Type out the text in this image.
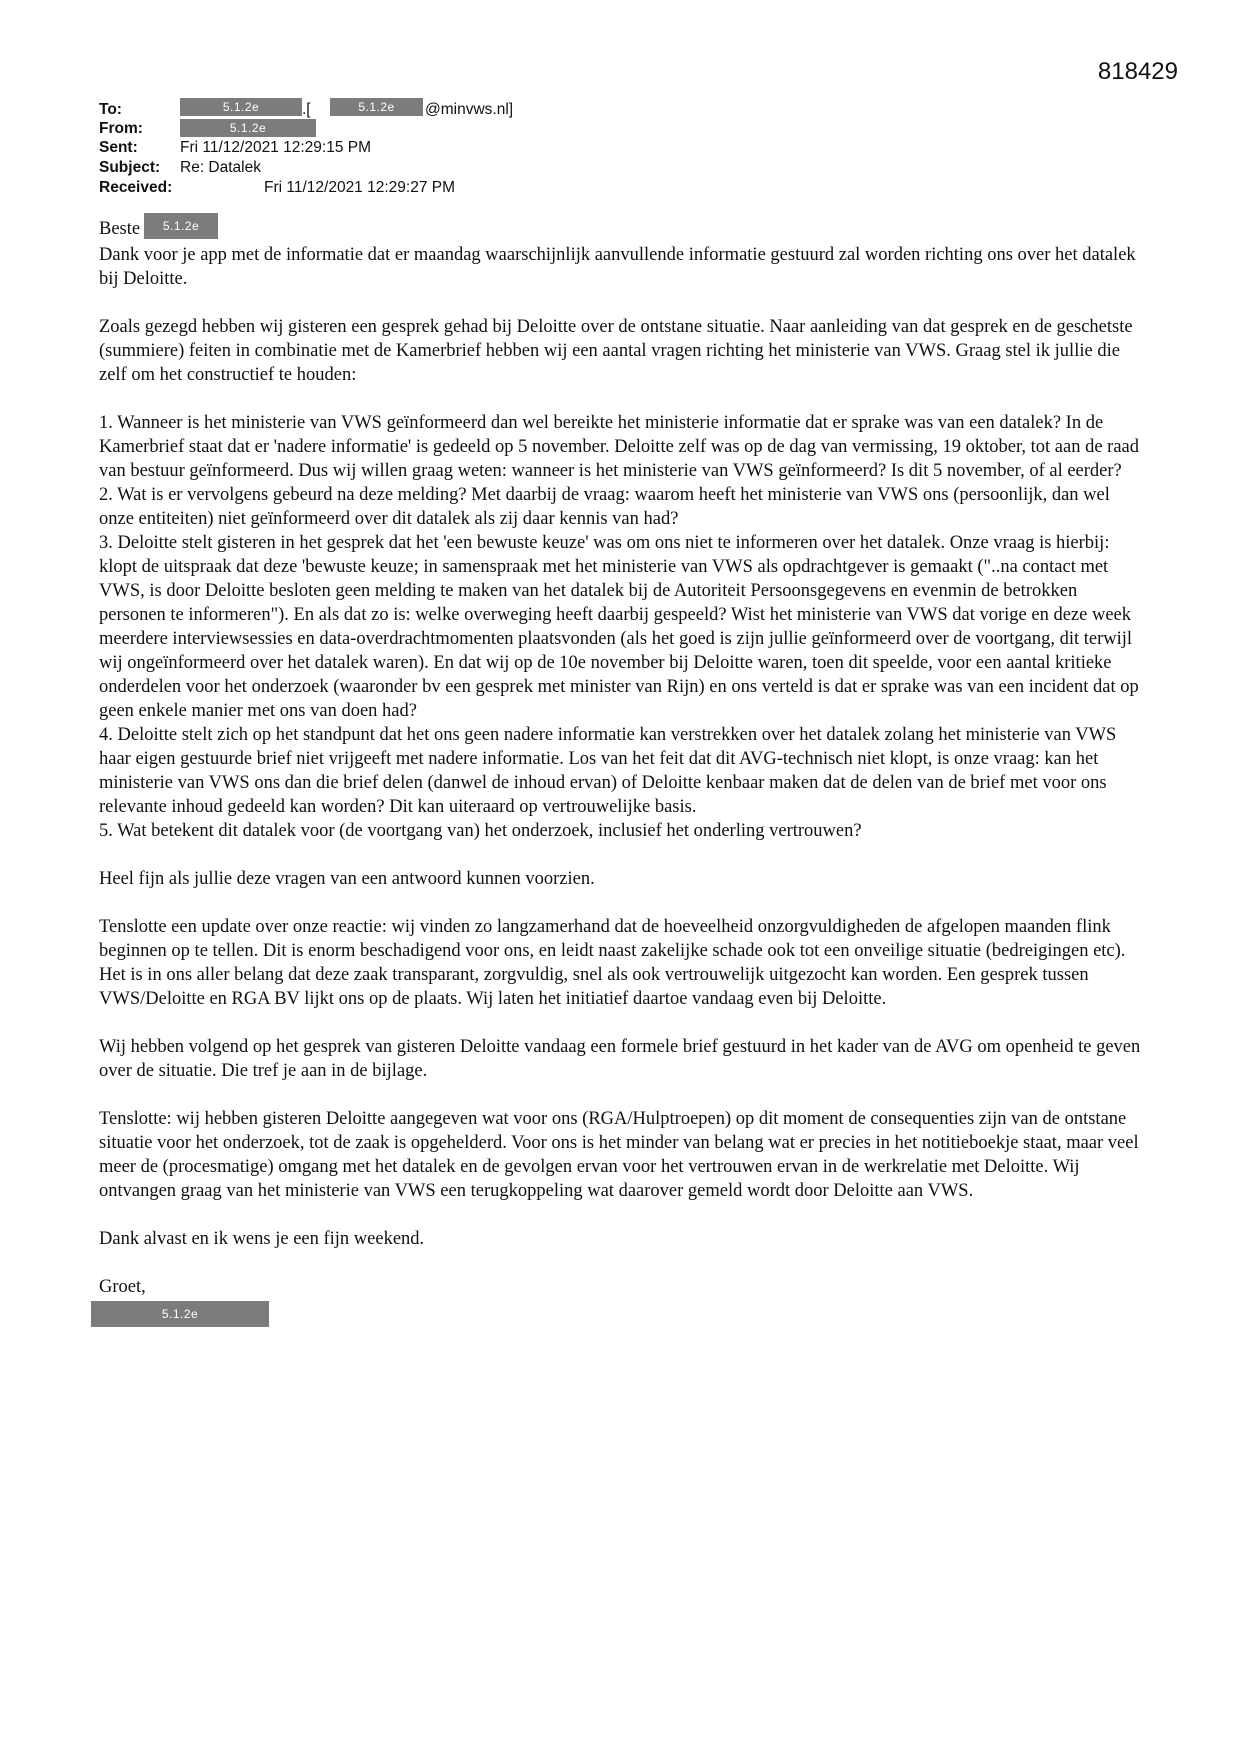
818429
To:	5.1.2e	.[	5.1.2e	@minvws.nl]
From:	5.1.2e
Sent:	Fri 11/12/2021 12:29:15 PM
Subject: Re: Datalek
Received:	Fri 11/12/2021 12:29:27 PM
Beste	5.1.2e

Dank voor je app met de informatie dat er maandag waarschijnlijk aanvullende informatie gestuurd zal worden richting ons over het datalek bij Deloitte.

Zoals gezegd hebben wij gisteren een gesprek gehad bij Deloitte over de ontstane situatie. Naar aanleiding van dat gesprek en de geschetste (summiere) feiten in combinatie met de Kamerbrief hebben wij een aantal vragen richting het ministerie van VWS. Graag stel ik jullie die zelf om het constructief te houden:

1. Wanneer is het ministerie van VWS geïnformeerd dan wel bereikte het ministerie informatie dat er sprake was van een datalek? In de Kamerbrief staat dat er 'nadere informatie' is gedeeld op 5 november. Deloitte zelf was op de dag van vermissing, 19 oktober, tot aan de raad van bestuur geïnformeerd. Dus wij willen graag weten: wanneer is het ministerie van VWS geïnformeerd? Is dit 5 november, of al eerder?

2. Wat is er vervolgens gebeurd na deze melding? Met daarbij de vraag: waarom heeft het ministerie van VWS ons (persoonlijk, dan wel onze entiteiten) niet geïnformeerd over dit datalek als zij daar kennis van had?

3. Deloitte stelt gisteren in het gesprek dat het 'een bewuste keuze' was om ons niet te informeren over het datalek. Onze vraag is hierbij: klopt de uitspraak dat deze 'bewuste keuze; in samenspraak met het ministerie van VWS als opdrachtgever is gemaakt ("..na contact met VWS, is door Deloitte besloten geen melding te maken van het datalek bij de Autoriteit Persoonsgegevens en evenmin de betrokken personen te informeren"). En als dat zo is: welke overweging heeft daarbij gespeeld? Wist het ministerie van VWS dat vorige en deze week meerdere interviewsessies en data-overdrachtmomenten plaatsvonden (als het goed is zijn jullie geïnformeerd over de voortgang, dit terwijl wij ongeïnformeerd over het datalek waren). En dat wij op de 10e november bij Deloitte waren, toen dit speelde, voor een aantal kritieke onderdelen voor het onderzoek (waaronder bv een gesprek met minister van Rijn) en ons verteld is dat er sprake was van een incident dat op geen enkele manier met ons van doen had?

4. Deloitte stelt zich op het standpunt dat het ons geen nadere informatie kan verstrekken over het datalek zolang het ministerie van VWS haar eigen gestuurde brief niet vrijgeeft met nadere informatie. Los van het feit dat dit AVG-technisch niet klopt, is onze vraag: kan het ministerie van VWS ons dan die brief delen (danwel de inhoud ervan) of Deloitte kenbaar maken dat de delen van de brief met voor ons relevante inhoud gedeeld kan worden? Dit kan uiteraard op vertrouwelijke basis.

5. Wat betekent dit datalek voor (de voortgang van) het onderzoek, inclusief het onderling vertrouwen?

Heel fijn als jullie deze vragen van een antwoord kunnen voorzien.

Tenslotte een update over onze reactie: wij vinden zo langzamerhand dat de hoeveelheid onzorgvuldigheden de afgelopen maanden flink beginnen op te tellen. Dit is enorm beschadigend voor ons, en leidt naast zakelijke schade ook tot een onveilige situatie (bedreigingen etc). Het is in ons aller belang dat deze zaak transparant, zorgvuldig, snel als ook vertrouwelijk uitgezocht kan worden. Een gesprek tussen VWS/Deloitte en RGA BV lijkt ons op de plaats. Wij laten het initiatief daartoe vandaag even bij Deloitte.

Wij hebben volgend op het gesprek van gisteren Deloitte vandaag een formele brief gestuurd in het kader van de AVG om openheid te geven over de situatie. Die tref je aan in de bijlage.

Tenslotte: wij hebben gisteren Deloitte aangegeven wat voor ons (RGA/Hulptroepen) op dit moment de consequenties zijn van de ontstane situatie voor het onderzoek, tot de zaak is opgehelderd. Voor ons is het minder van belang wat er precies in het notitieboekje staat, maar veel meer de (procesmatige) omgang met het datalek en de gevolgen ervan voor het vertrouwen ervan in de werkrelatie met Deloitte. Wij ontvangen graag van het ministerie van VWS een terugkoppeling wat daarover gemeld wordt door Deloitte aan VWS.

Dank alvast en ik wens je een fijn weekend.

Groet,

5.1.2e
